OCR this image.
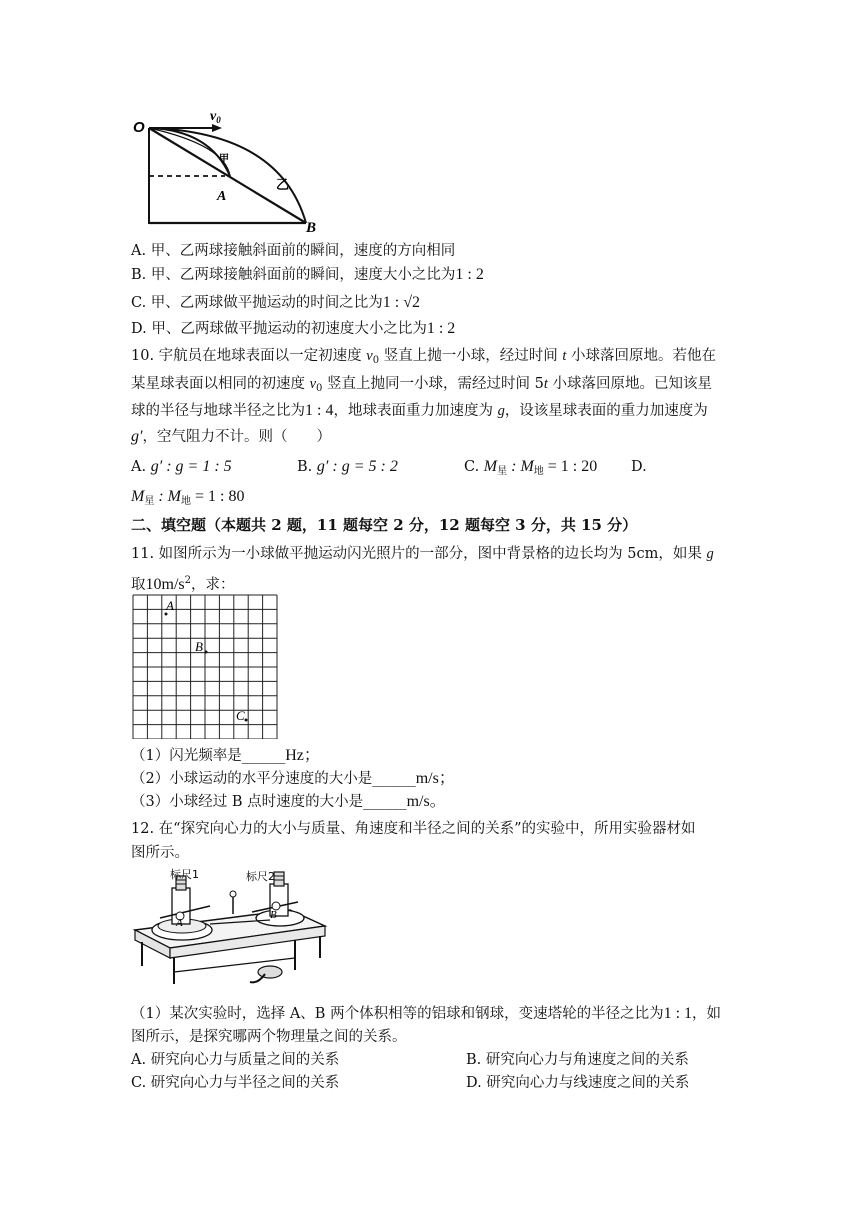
O
$v_0$
甲
A
乙
B
A. 甲、乙两球接触斜面前的瞬间，速度的方向相同
B. 甲、乙两球接触斜面前的瞬间，速度大小之比为1 : 2
C. 甲、乙两球做平抛运动的时间之比为1 : √2
D. 甲、乙两球做平抛运动的初速度大小之比为1 : 2
10. 宇航员在地球表面以一定初速度 $v_0$ 竖直上抛一小球，经过时间 t 小球落回原地。若他在
某星球表面以相同的初速度 $v_0$ 竖直上抛同一小球，需经过时间 5t 小球落回原地。已知该星
球的半径与地球半径之比为1 : 4，地球表面重力加速度为 g，设该星球表面的重力加速度为
g′，空气阻力不计。则（　　）
A. g′ : g = 1 : 5	B. g′ : g = 5 : 2	C. $M_星$ : $M_地 = 1$ : 20 D.
$M_星$ : $M_地 = 1$ : 80
二、填空题（本题共 2 题，11 题每空 2 分，12 题每空 3 分，共 15 分）
11. 如图所示为一小球做平抛运动闪光照片的一部分，图中背景格的边长均为 5cm，如果 g
取$10m/s^2$，求：
A
B
C
（1）闪光频率是______Hz；
（2）小球运动的水平分速度的大小是______m/s；
（3）小球经过 B 点时速度的大小是______m/s。
12. 在“探究向心力的大小与质量、角速度和半径之间的关系”的实验中，所用实验器材如
图所示。
标尺1	标尺2
A
B
（1）某次实验时，选择 A、B 两个体积相等的铝球和钢球，变速塔轮的半径之比为1 : 1，如
图所示，是探究哪两个物理量之间的关系。
A. 研究向心力与质量之间的关系	B. 研究向心力与角速度之间的关系
C. 研究向心力与半径之间的关系	D. 研究向心力与线速度之间的关系
